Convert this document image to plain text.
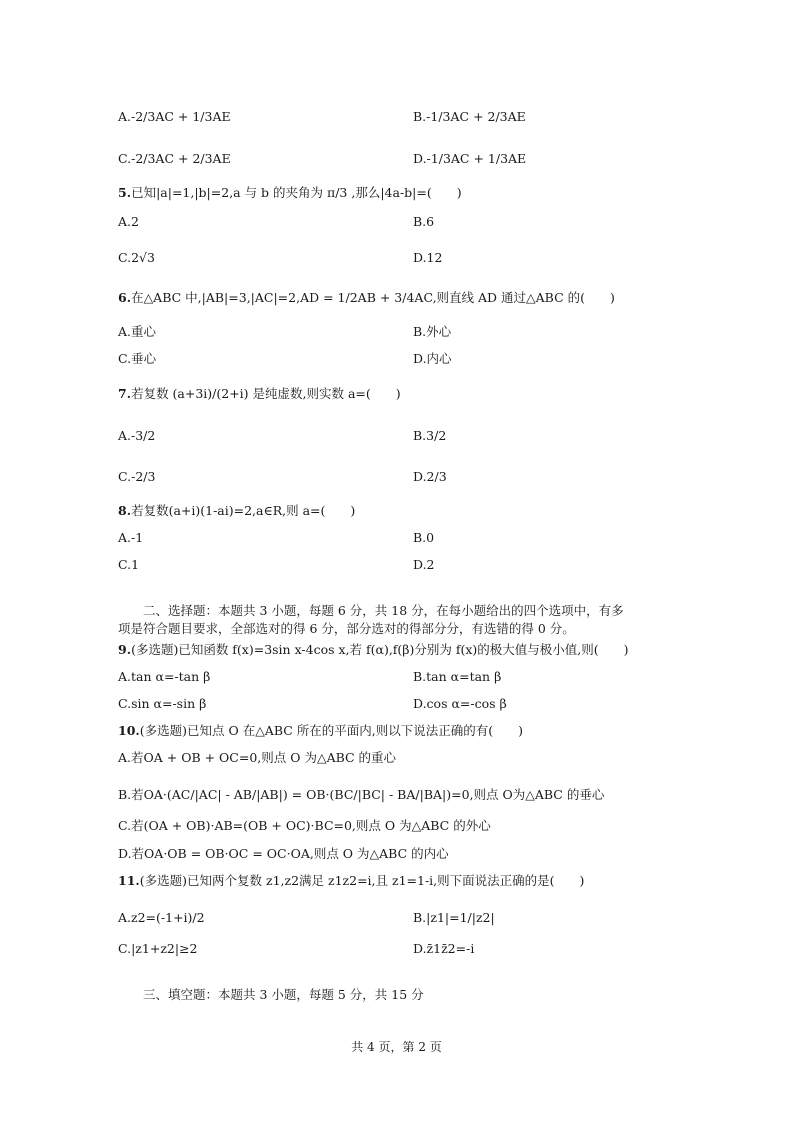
A.-2/3AC + 1/3AE	B.-1/3AC + 2/3AE
C.-2/3AC + 2/3AE	D.-1/3AC + 1/3AE
5.已知|a|=1,|b|=2,a 与 b 的夹角为 π/3 ,那么|4a-b|=(　　)
A.2	B.6
C.2√3	D.12
6.在△ABC 中,|AB|=3,|AC|=2,AD = 1/2AB + 3/4AC,则直线 AD 通过△ABC 的(　　)
A.重心	B.外心
C.垂心	D.内心
7.若复数 (a+3i)/(2+i) 是纯虚数,则实数 a=(　　)
A.-3/2	B.3/2
C.-2/3	D.2/3
8.若复数(a+i)(1-ai)=2,a∈R,则 a=(　　)
A.-1	B.0
C.1	D.2
二、选择题：本题共 3 小题，每题 6 分，共 18 分，在每小题给出的四个选项中，有多
项是符合题目要求，全部选对的得 6 分，部分选对的得部分分，有选错的得 0 分。
9.(多选题)已知函数 f(x)=3sin x-4cos x,若 f(α),f(β)分别为 f(x)的极大值与极小值,则(　　)
A.tan α=-tan β	B.tan α=tan β
C.sin α=-sin β	D.cos α=-cos β
10.(多选题)已知点 O 在△ABC 所在的平面内,则以下说法正确的有(　　)
A.若OA + OB + OC=0,则点 O 为△ABC 的重心
B.若OA·(AC/|AC| - AB/|AB|) = OB·(BC/|BC| - BA/|BA|)=0,则点 O为△ABC 的垂心
C.若(OA + OB)·AB=(OB + OC)·BC=0,则点 O 为△ABC 的外心
D.若OA·OB = OB·OC = OC·OA,则点 O 为△ABC 的内心
11.(多选题)已知两个复数 z1,z2满足 z1z2=i,且 z1=1-i,则下面说法正确的是(　　)
A.z2=(-1+i)/2	B.|z1|=1/|z2|
C.|z1+z2|≥2	D.z̄1z̄2=-i
三、填空题：本题共 3 小题，每题 5 分，共 15 分
共 4 页，第 2 页
